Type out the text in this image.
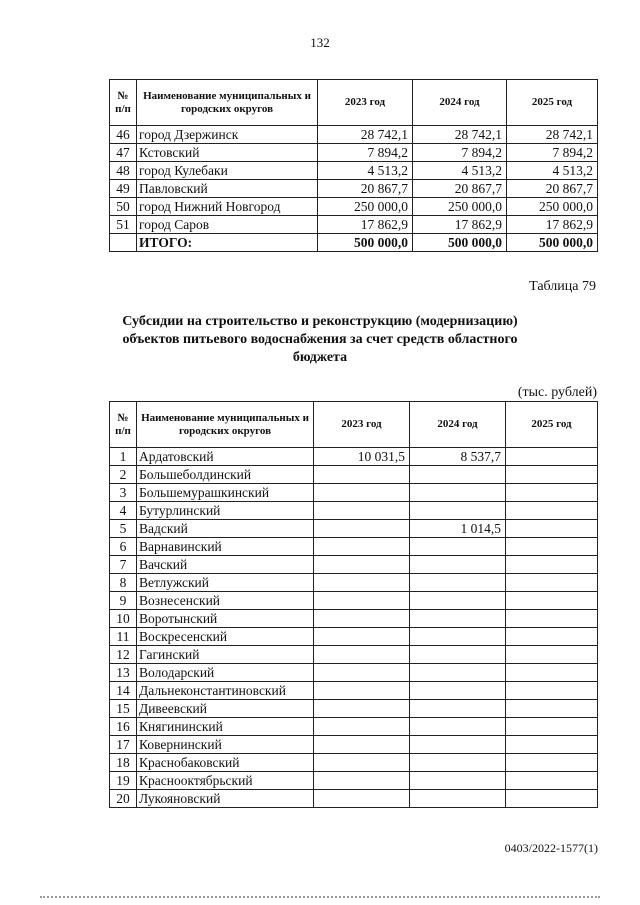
132
№ п/п	Наименование муниципальных и городских округов	2023 год	2024 год	2025 год
46	город Дзержинск	28 742,1	28 742,1	28 742,1
47	Кстовский	7 894,2	7 894,2	7 894,2
48	город Кулебаки	4 513,2	4 513,2	4 513,2
49	Павловский	20 867,7	20 867,7	20 867,7
50	город Нижний Новгород	250 000,0	250 000,0	250 000,0
51	город Саров	17 862,9	17 862,9	17 862,9
	ИТОГО:	500 000,0	500 000,0	500 000,0
Таблица 79
Субсидии на строительство и реконструкцию (модернизацию) объектов питьевого водоснабжения за счет средств областного бюджета
(тыс. рублей)
№ п/п	Наименование муниципальных и городских округов	2023 год	2024 год	2025 год
1	Ардатовский	10 031,5	8 537,7	
2	Большеболдинский			
3	Большемурашкинский			
4	Бутурлинский			
5	Вадский		1 014,5	
6	Варнавинский			
7	Вачский			
8	Ветлужский			
9	Вознесенский			
10	Воротынский			
11	Воскресенский			
12	Гагинский			
13	Володарский			
14	Дальнеконстантиновский			
15	Дивеевский			
16	Княгининский			
17	Ковернинский			
18	Краснобаковский			
19	Краснооктябрьский			
20	Лукояновский			
0403/2022-1577(1)
